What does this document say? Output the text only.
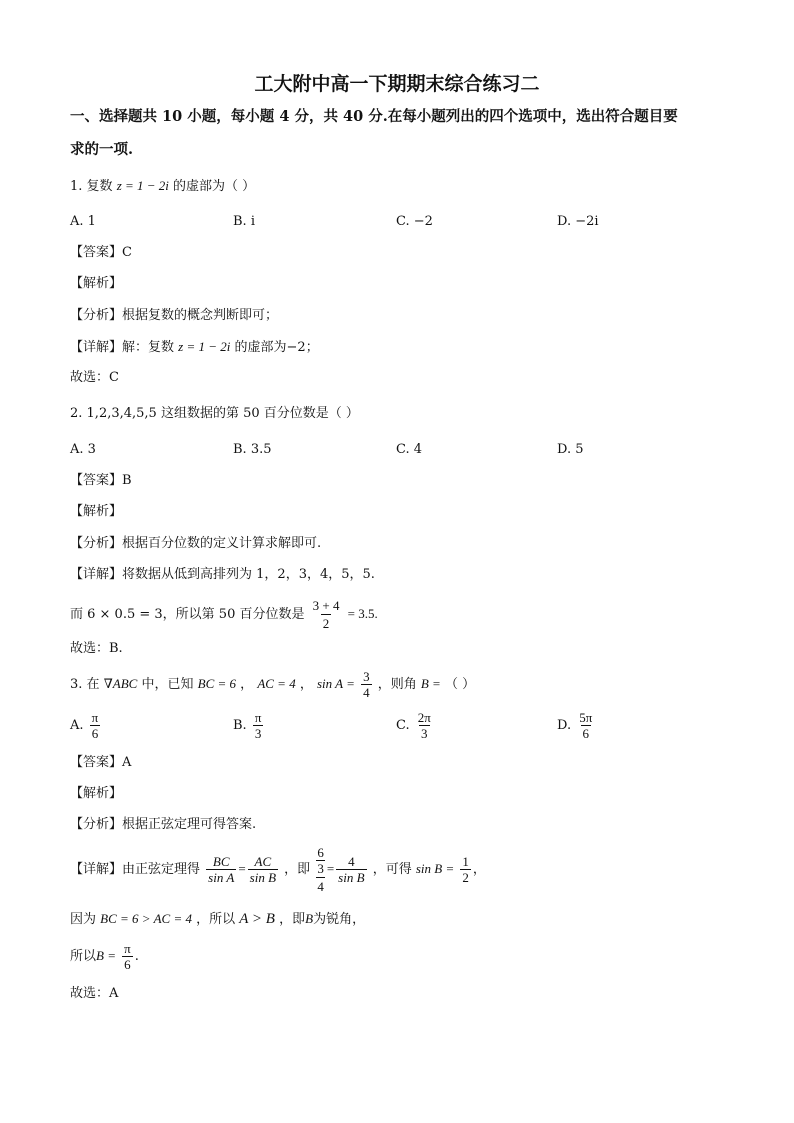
工大附中高一下期期末综合练习二
一、选择题共 10 小题，每小题 4 分，共 40 分.在每小题列出的四个选项中，选出符合题目要
求的一项.
1. 复数 z = 1 − 2i 的虚部为（ ）
A. 1	B. i	C. −2	D. −2i
【答案】C
【解析】
【分析】根据复数的概念判断即可；
【详解】解：复数 z = 1 − 2i 的虚部为−2；
故选：C
2. 1,2,3,4,5,5 这组数据的第 50 百分位数是（ ）
A. 3	B. 3.5	C. 4	D. 5
【答案】B
【解析】
【分析】根据百分位数的定义计算求解即可.
【详解】将数据从低到高排列为 1，2，3，4，5，5.
而 6 × 0.5 = 3，所以第 50 百分位数是 $\frac{3 + 4}{2} = 3.5$.
故选：B.
3. 在 ∇ABC 中，已知 BC = 6 ， AC = 4 ， $\sin A = \frac{3}{4}$ ，则角 B = （ ）
A. $\frac{\pi}{6}$	B. $\frac{\pi}{3}$	C. $\frac{2\pi}{3}$	D. $\frac{5\pi}{6}$
【答案】A
【解析】
【分析】根据正弦定理可得答案.
【详解】由正弦定理得 $\frac{BC}{\text{sin A}} = \frac{AC}{\text{sin B}}$ ，即
6
3
4
= $\frac{4}{\text{sin B}}$ ，可得 $\sin B = \frac{1}{2}$ ，
因为 BC = 6 > AC = 4 ，所以 A > B ，即B为锐角，
所以$B = \frac{\pi}{6}$ .
故选：A
